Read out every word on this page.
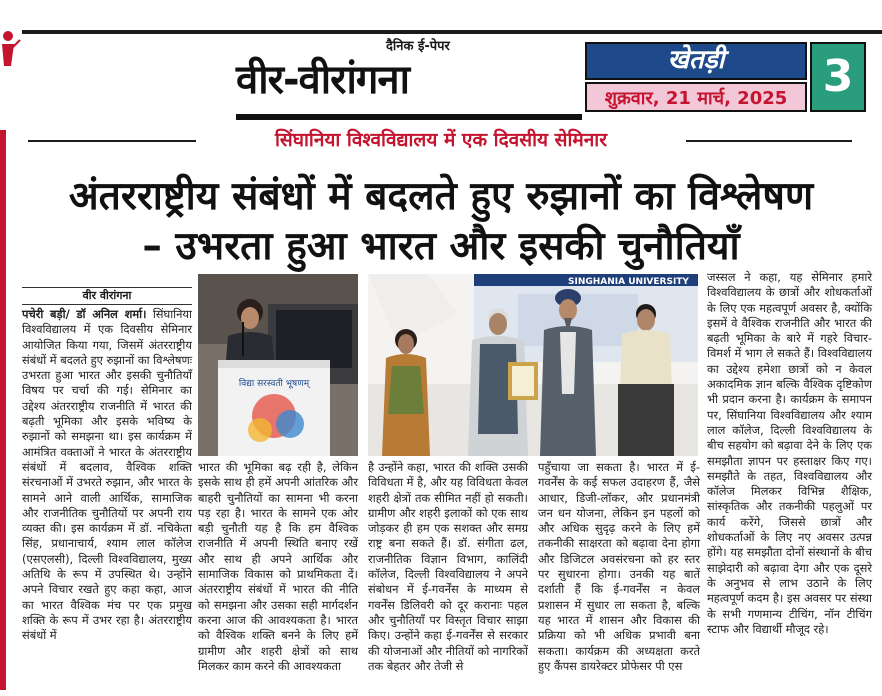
दैनिक ई-पेपर
वीर-वीरांगना	खेतड़ी
शुक्रवार, 21 मार्च, 2025 3
सिंघानिया विश्वविद्यालय में एक दिवसीय सेमिनार
अंतरराष्ट्रीय संबंधों में बदलते हुए रुझानों का विश्लेषण
– उभरता हुआ भारत और इसकी चुनौतियाँ
वीर वीरांगना
पचेरी बड़ी/ डॉ अनिल शर्मा। सिंघानिया विश्वविद्यालय में एक दिवसीय सेमिनार आयोजित किया गया, जिसमें अंतरराष्ट्रीय संबंधों में बदलते हुए रुझानों का विश्लेषणः उभरता हुआ भारत और इसकी चुनौतियाँ विषय पर चर्चा की गई। सेमिनार का उद्देश्य अंतरराष्ट्रीय राजनीति में भारत की बढ़ती भूमिका और इसके भविष्य के रुझानों को समझना था। इस कार्यक्रम में आमंत्रित वक्ताओं ने भारत के अंतरराष्ट्रीय संबंधों में बदलाव, वैश्विक शक्ति संरचनाओं में उभरते रुझान, और भारत के सामने आने वाली आर्थिक, सामाजिक और राजनीतिक चुनौतियों पर अपनी राय व्यक्त की। इस कार्यक्रम में डॉ. नचिकेता सिंह, प्रधानाचार्य, श्याम लाल कॉलेज (एसएलसी), दिल्ली विश्वविद्यालय, मुख्य अतिथि के रूप में उपस्थित थे। उन्होंने अपने विचार रखते हुए कहा कहा, आज का भारत वैश्विक मंच पर एक प्रमुख शक्ति के रूप में उभर रहा है। अंतरराष्ट्रीय संबंधों में
विद्या सरस्वती भूषणम्
SINGHANIA UNIVERSITY
भारत की भूमिका बढ़ रही है, लेकिन इसके साथ ही हमें अपनी आंतरिक और बाहरी चुनौतियों का सामना भी करना पड़ रहा है। भारत के सामने एक ओर बड़ी चुनौती यह है कि हम वैश्विक राजनीति में अपनी स्थिति बनाए रखें और साथ ही अपने आर्थिक और सामाजिक विकास को प्राथमिकता दें। अंतरराष्ट्रीय संबंधों में भारत की नीति को समझना और उसका सही मार्गदर्शन करना आज की आवश्यकता है। भारत को वैश्विक शक्ति बनने के लिए हमें ग्रामीण और शहरी क्षेत्रों को साथ मिलकर काम करने की आवश्यकता
है उन्होंने कहा, भारत की शक्ति उसकी विविधता में है, और यह विविधता केवल शहरी क्षेत्रों तक सीमित नहीं हो सकती। ग्रामीण और शहरी इलाकों को एक साथ जोड़कर ही हम एक सशक्त और समग्र राष्ट्र बना सकते हैं। डॉ. संगीता ढल, राजनीतिक विज्ञान विभाग, कालिंदी कॉलेज, दिल्ली विश्वविद्यालय ने अपने संबोधन में ई-गवर्नेंस के माध्यम से गवर्नेंस डिलिवरी को दूर करानाः पहल और चुनौतियाँ पर विस्तृत विचार साझा किए। उन्होंने कहा ई-गवर्नेंस से सरकार की योजनाओं और नीतियों को नागरिकों तक बेहतर और तेजी से
पहुँचाया जा सकता है। भारत में ई-गवर्नेंस के कई सफल उदाहरण हैं, जैसे आधार, डिजी-लॉकर, और प्रधानमंत्री जन धन योजना, लेकिन इन पहलों को और अधिक सुदृढ़ करने के लिए हमें तकनीकी साक्षरता को बढ़ावा देना होगा और डिजिटल अवसंरचना को हर स्तर पर सुधारना होगा। उनकी यह बातें दर्शाती हैं कि ई-गवर्नेंस न केवल प्रशासन में सुधार ला सकता है, बल्कि यह भारत में शासन और विकास की प्रक्रिया को भी अधिक प्रभावी बना सकता। कार्यक्रम की अध्यक्षता करते हुए कैंपस डायरेक्टर प्रोफेसर पी एस
जस्सल ने कहा, यह सेमिनार हमारे विश्वविद्यालय के छात्रों और शोधकर्ताओं के लिए एक महत्वपूर्ण अवसर है, क्योंकि इसमें वे वैश्विक राजनीति और भारत की बढ़ती भूमिका के बारे में गहरे विचार-विमर्श में भाग ले सकते हैं। विश्वविद्यालय का उद्देश्य हमेशा छात्रों को न केवल अकादमिक ज्ञान बल्कि वैश्विक दृष्टिकोण भी प्रदान करना है। कार्यक्रम के समापन पर, सिंघानिया विश्वविद्यालय और श्याम लाल कॉलेज, दिल्ली विश्वविद्यालय के बीच सहयोग को बढ़ावा देने के लिए एक समझौता ज्ञापन पर हस्ताक्षर किए गए। समझौते के तहत, विश्वविद्यालय और कॉलेज मिलकर विभिन्न शैक्षिक, सांस्कृतिक और तकनीकी पहलुओं पर कार्य करेंगे, जिससे छात्रों और शोधकर्ताओं के लिए नए अवसर उत्पन्न होंगे। यह समझौता दोनों संस्थानों के बीच साझेदारी को बढ़ावा देगा और एक दूसरे के अनुभव से लाभ उठाने के लिए महत्वपूर्ण कदम है। इस अवसर पर संस्था के सभी गणमान्य टीचिंग, नॉन टीचिंग स्टाफ और विद्यार्थी मौजूद रहे।
